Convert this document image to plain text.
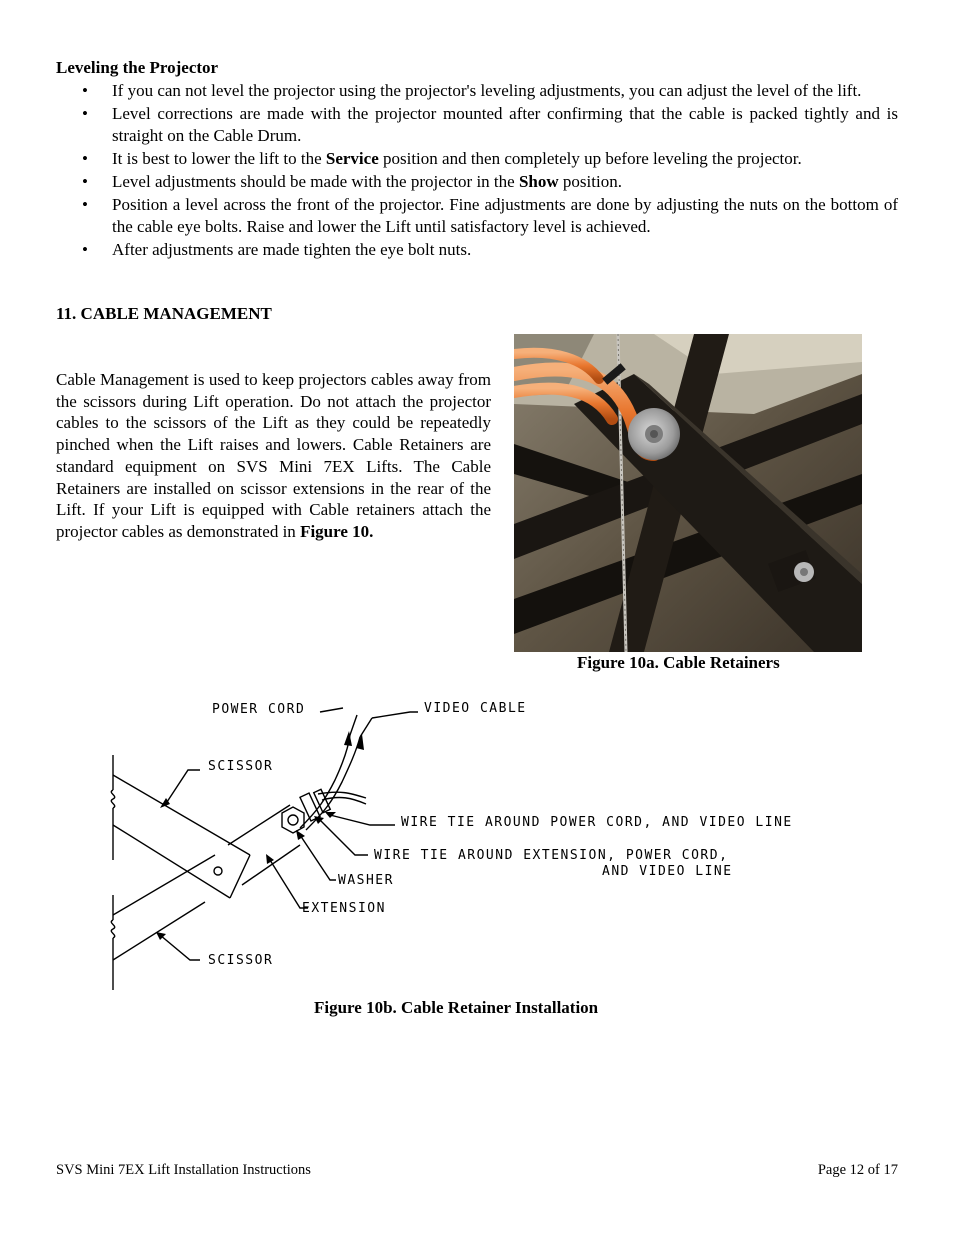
Leveling the Projector
• If you can not level the projector using the projector's leveling adjustments, you can adjust the level of the lift.
• Level corrections are made with the projector mounted after confirming that the cable is packed tightly and is straight on the Cable Drum.
• It is best to lower the lift to the Service position and then completely up before leveling the projector.
• Level adjustments should be made with the projector in the Show position.
• Position a level across the front of the projector. Fine adjustments are done by adjusting the nuts on the bottom of the cable eye bolts. Raise and lower the Lift until satisfactory level is achieved.
• After adjustments are made tighten the eye bolt nuts.
11. CABLE MANAGEMENT
Cable Management is used to keep projectors cables away from the scissors during Lift operation. Do not attach the projector cables to the scissors of the Lift as they could be repeatedly pinched when the Lift raises and lowers. Cable Retainers are standard equipment on SVS Mini 7EX Lifts. The Cable Retainers are installed on scissor extensions in the rear of the Lift. If your Lift is equipped with Cable retainers attach the projector cables as demonstrated in Figure 10.
Figure 10a. Cable Retainers
POWER CORD	VIDEO CABLE
SCISSOR
WIRE TIE AROUND POWER CORD, AND VIDEO LINE
WIRE TIE AROUND EXTENSION, POWER CORD,
AND VIDEO LINE
WASHER
EXTENSION
SCISSOR
Figure 10b. Cable Retainer Installation
SVS Mini 7EX Lift Installation Instructions	Page 12 of 17
